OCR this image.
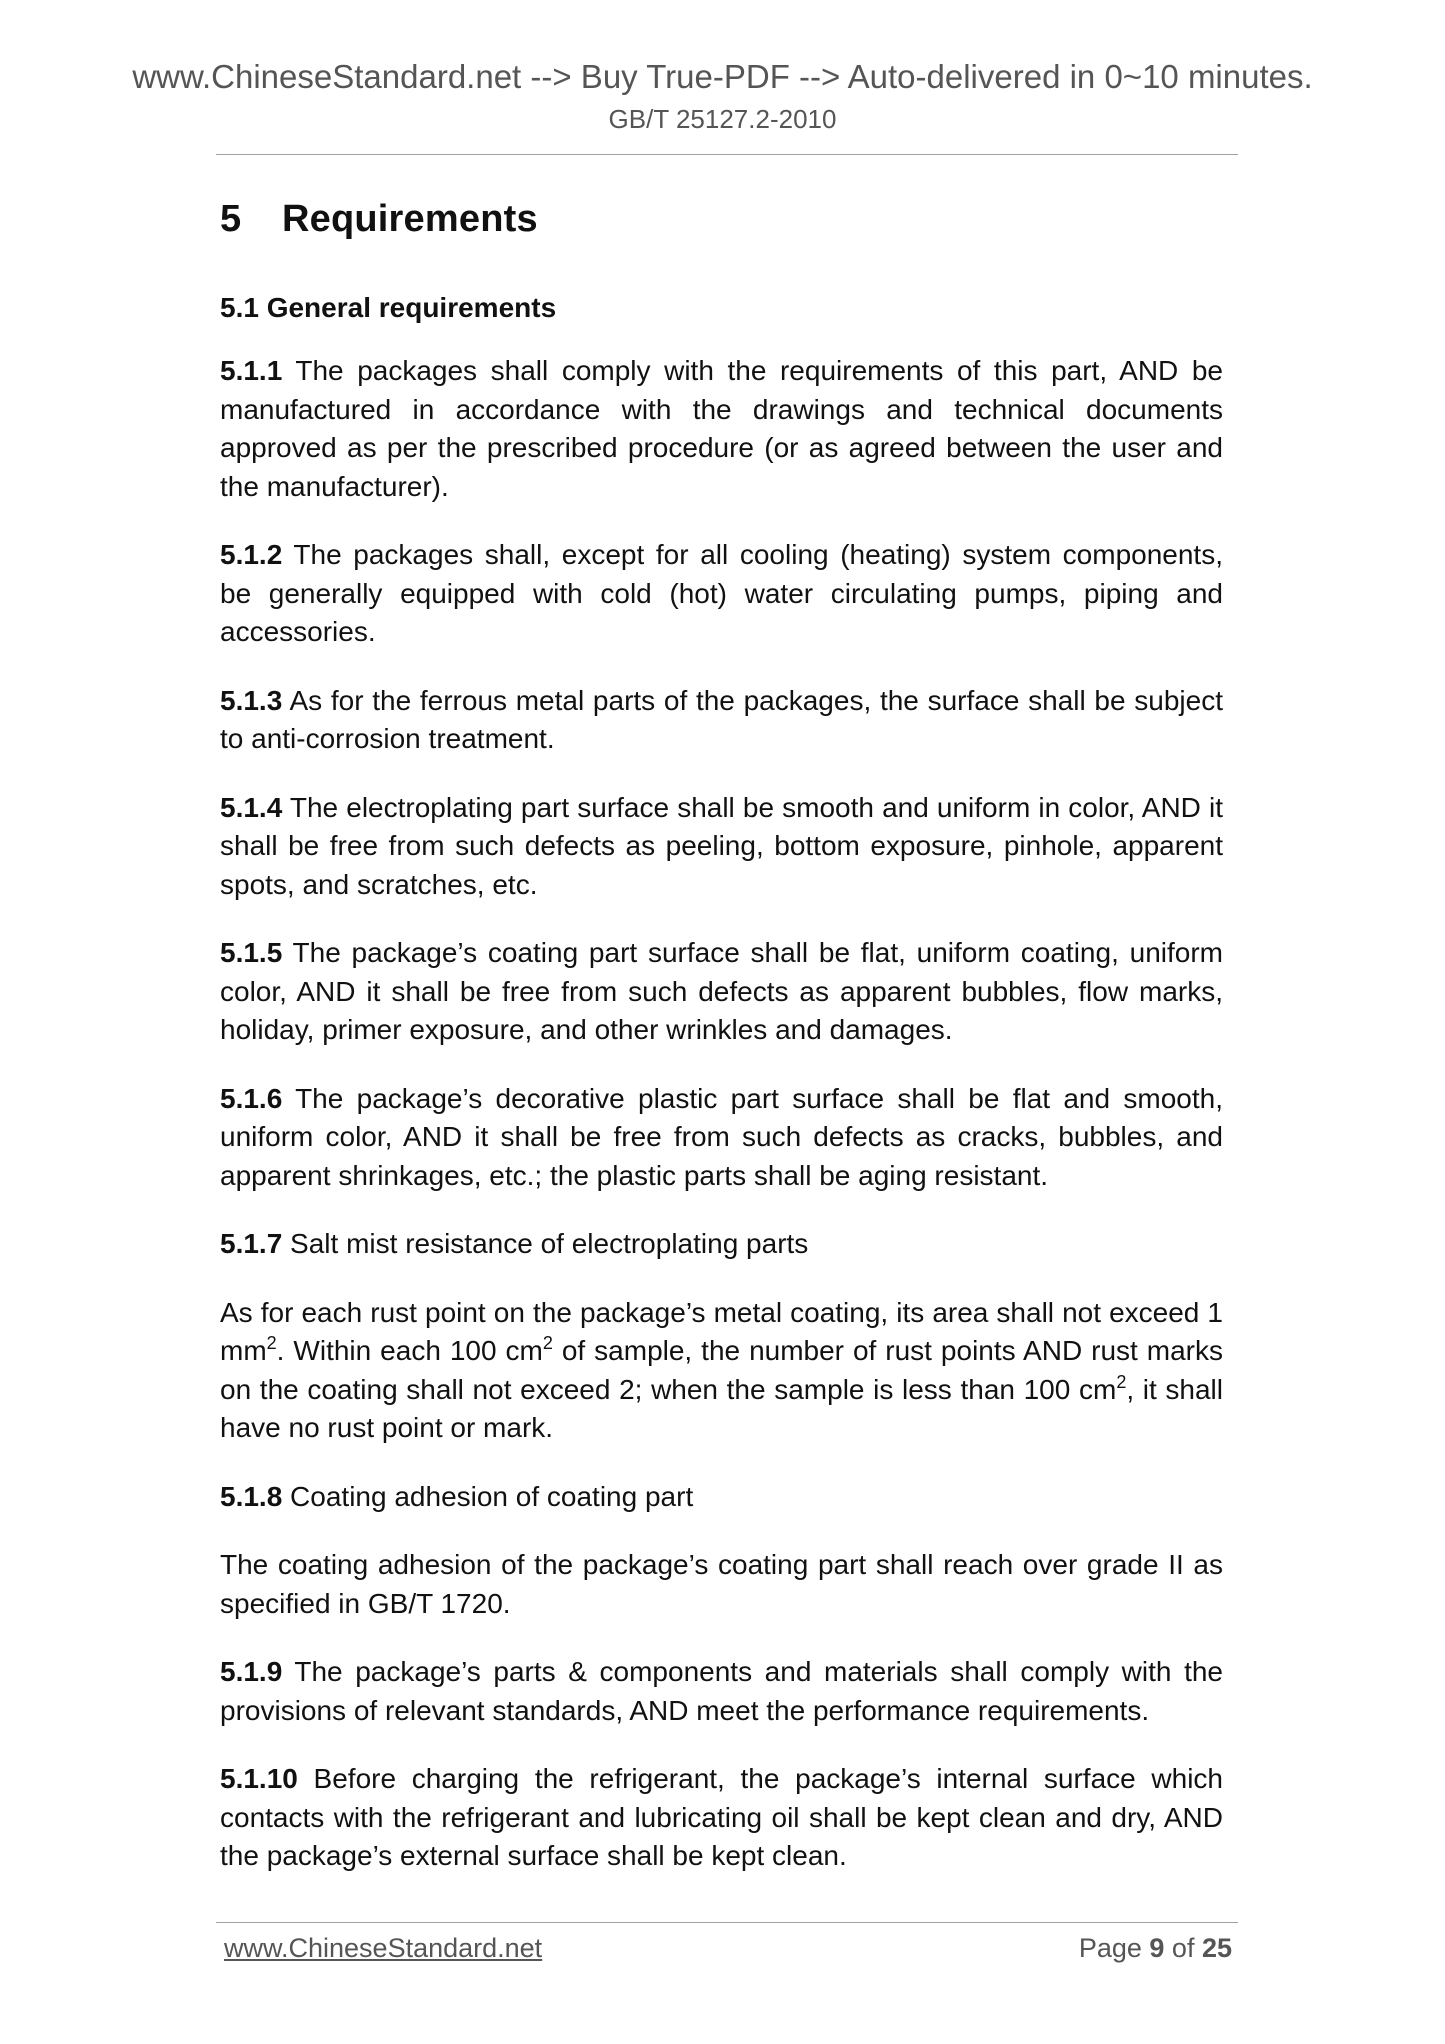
www.ChineseStandard.net --> Buy True-PDF --> Auto-delivered in 0~10 minutes.
GB/T 25127.2-2010
5 Requirements
5.1 General requirements

5.1.1 The packages shall comply with the requirements of this part, AND be manufactured in accordance with the drawings and technical documents approved as per the prescribed procedure (or as agreed between the user and the manufacturer).

5.1.2 The packages shall, except for all cooling (heating) system components, be generally equipped with cold (hot) water circulating pumps, piping and accessories.

5.1.3 As for the ferrous metal parts of the packages, the surface shall be subject to anti-corrosion treatment.

5.1.4 The electroplating part surface shall be smooth and uniform in color, AND it shall be free from such defects as peeling, bottom exposure, pinhole, apparent spots, and scratches, etc.

5.1.5 The package’s coating part surface shall be flat, uniform coating, uniform color, AND it shall be free from such defects as apparent bubbles, flow marks, holiday, primer exposure, and other wrinkles and damages.

5.1.6 The package’s decorative plastic part surface shall be flat and smooth, uniform color, AND it shall be free from such defects as cracks, bubbles, and apparent shrinkages, etc.; the plastic parts shall be aging resistant.

5.1.7 Salt mist resistance of electroplating parts

As for each rust point on the package’s metal coating, its area shall not exceed 1 $mm^2$. Within each 100 $cm^2$ of sample, the number of rust points AND rust marks on the coating shall not exceed 2; when the sample is less than 100 $cm^2$, it shall have no rust point or mark.

5.1.8 Coating adhesion of coating part

The coating adhesion of the package’s coating part shall reach over grade II as specified in GB/T 1720.

5.1.9 The package’s parts & components and materials shall comply with the provisions of relevant standards, AND meet the performance requirements.

5.1.10 Before charging the refrigerant, the package’s internal surface which contacts with the refrigerant and lubricating oil shall be kept clean and dry, AND the package’s external surface shall be kept clean.

www.ChineseStandard.net	Page 9 of 25
